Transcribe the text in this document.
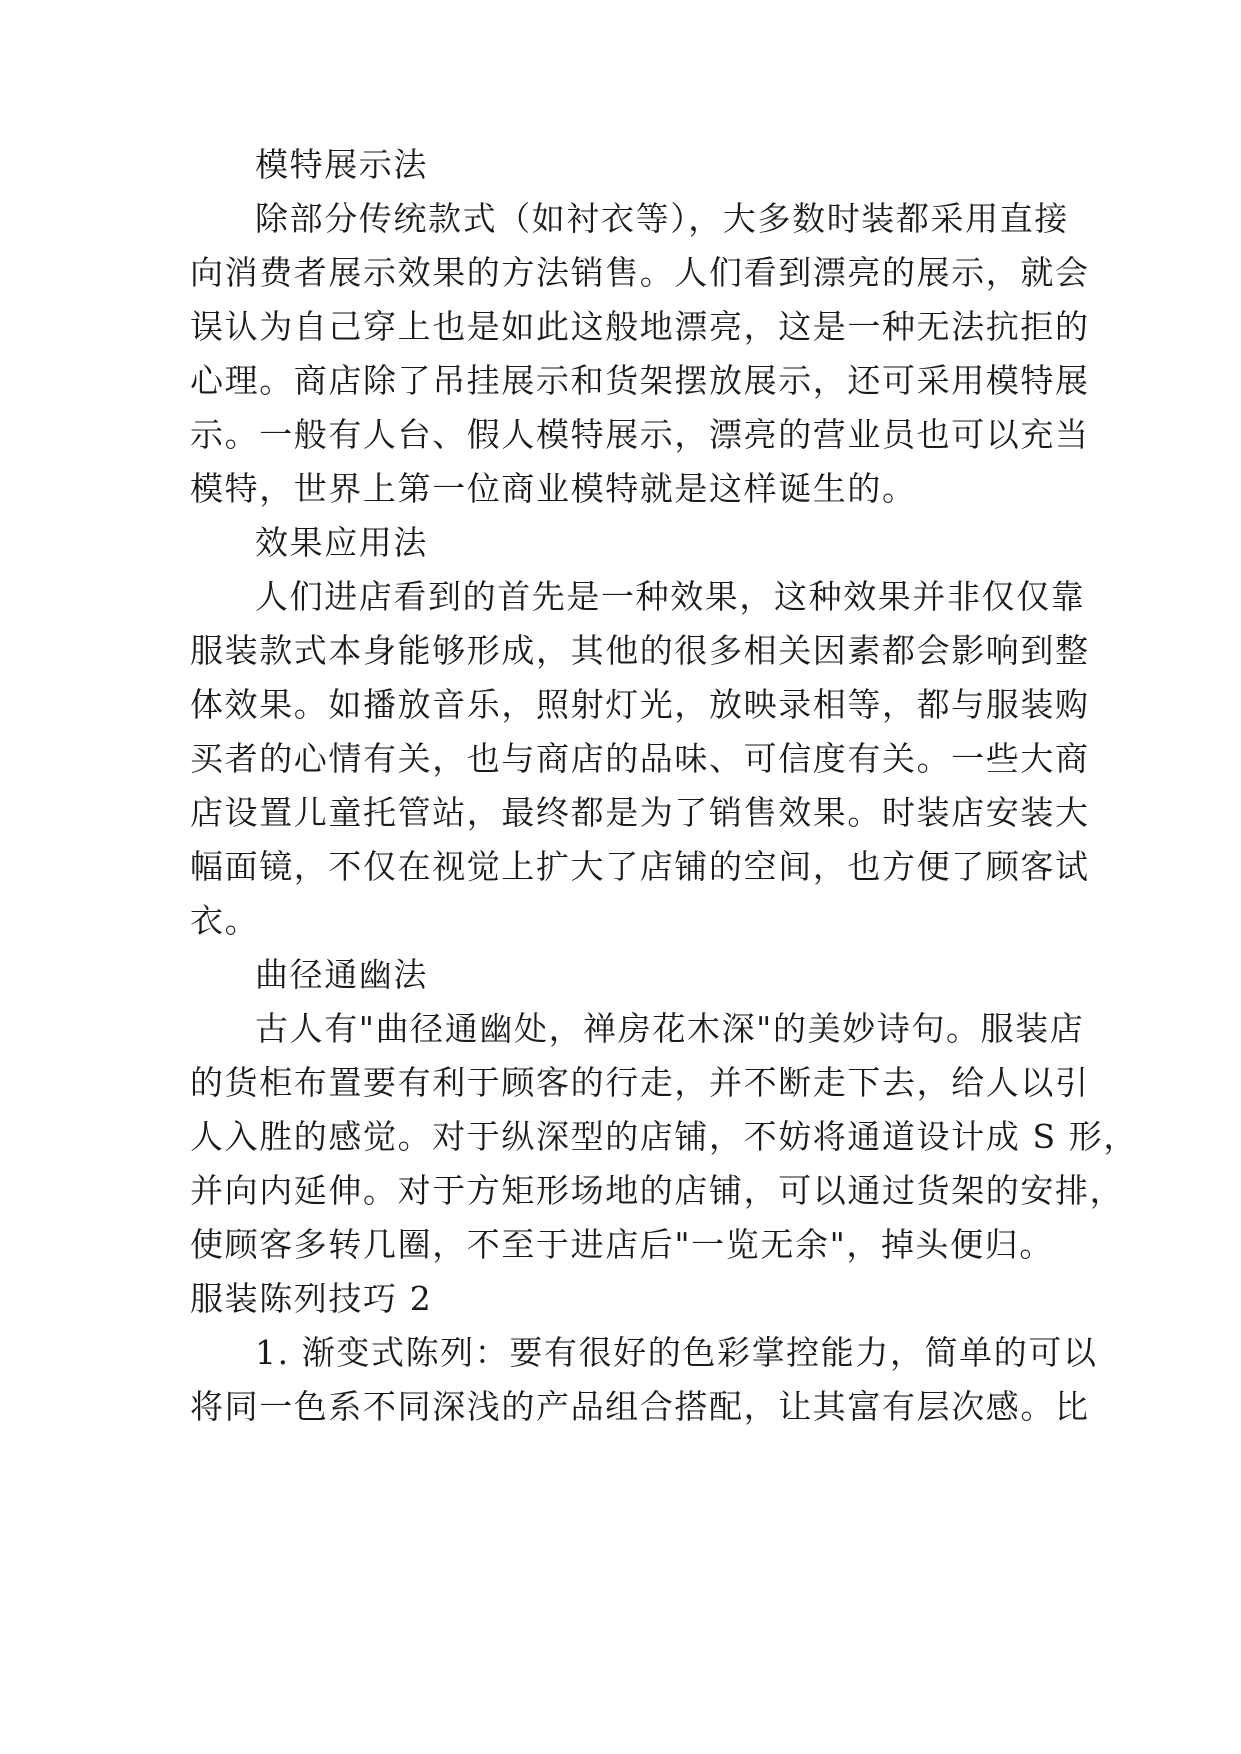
模特展示法
除部分传统款式（如衬衣等），大多数时装都采用直接
向消费者展示效果的方法销售。人们看到漂亮的展示，就会
误认为自己穿上也是如此这般地漂亮，这是一种无法抗拒的
心理。商店除了吊挂展示和货架摆放展示，还可采用模特展
示。一般有人台、假人模特展示，漂亮的营业员也可以充当
模特，世界上第一位商业模特就是这样诞生的。
效果应用法
人们进店看到的首先是一种效果，这种效果并非仅仅靠
服装款式本身能够形成，其他的很多相关因素都会影响到整
体效果。如播放音乐，照射灯光，放映录相等，都与服装购
买者的心情有关，也与商店的品味、可信度有关。一些大商
店设置儿童托管站，最终都是为了销售效果。时装店安装大
幅面镜，不仅在视觉上扩大了店铺的空间，也方便了顾客试
衣。
曲径通幽法
古人有"曲径通幽处，禅房花木深"的美妙诗句。服装店
的货柜布置要有利于顾客的行走，并不断走下去，给人以引
人入胜的感觉。对于纵深型的店铺，不妨将通道设计成 S 形，
并向内延伸。对于方矩形场地的店铺，可以通过货架的安排，
使顾客多转几圈，不至于进店后"一览无余"，掉头便归。
服装陈列技巧 2
1. 渐变式陈列：要有很好的色彩掌控能力，简单的可以
将同一色系不同深浅的产品组合搭配，让其富有层次感。比
